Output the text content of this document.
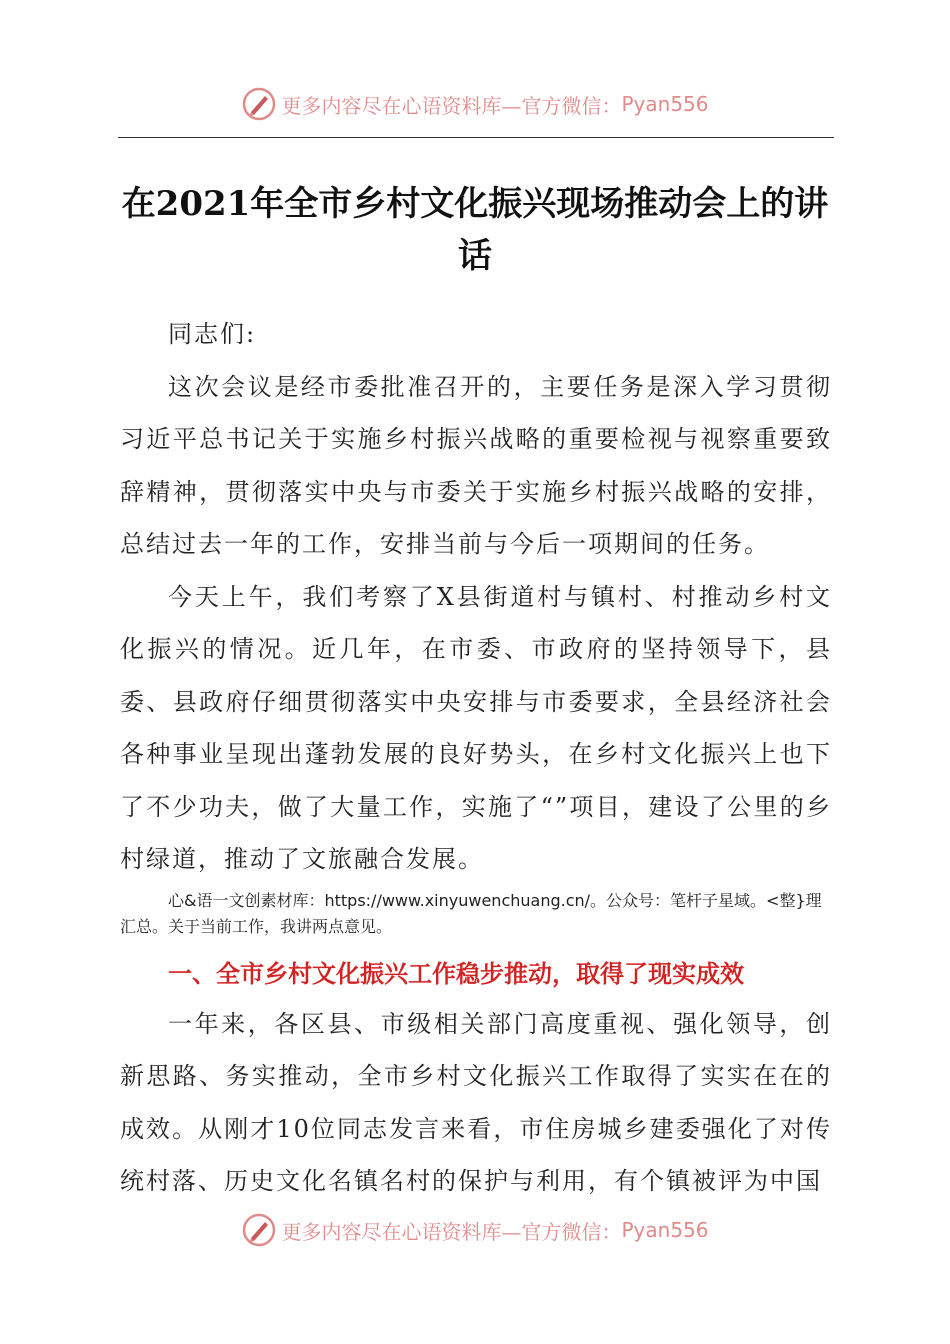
更多内容尽在心语资料库—官方微信： Pyan556
在2021年全市乡村文化振兴现场推动会上的讲话

同志们:

这次会议是经市委批准召开的，主要任务是深入学习贯彻习近平总书记关于实施乡村振兴战略的重要检视与视察重要致辞精神，贯彻落实中央与市委关于实施乡村振兴战略的安排，总结过去一年的工作，安排当前与今后一项期间的任务。

今天上午，我们考察了X县街道村与镇村、村推动乡村文化振兴的情况。近几年，在市委、市政府的坚持领导下，县委、县政府仔细贯彻落实中央安排与市委要求，全县经济社会各种事业呈现出蓬勃发展的良好势头，在乡村文化振兴上也下了不少功夫，做了大量工作，实施了“”项目，建设了公里的乡村绿道，推动了文旅融合发展。

心&语一文创素材库：https://www.xinyuwenchuang.cn/。公众号：笔杆子星域。<整}理汇总。关于当前工作，我讲两点意见。

一、全市乡村文化振兴工作稳步推动，取得了现实成效

一年来，各区县、市级相关部门高度重视、强化领导，创新思路、务实推动，全市乡村文化振兴工作取得了实实在在的成效。从刚才10位同志发言来看，市住房城乡建委强化了对传统村落、历史文化名镇名村的保护与利用，有个镇被评为中国

更多内容尽在心语资料库—官方微信： Pyan556
